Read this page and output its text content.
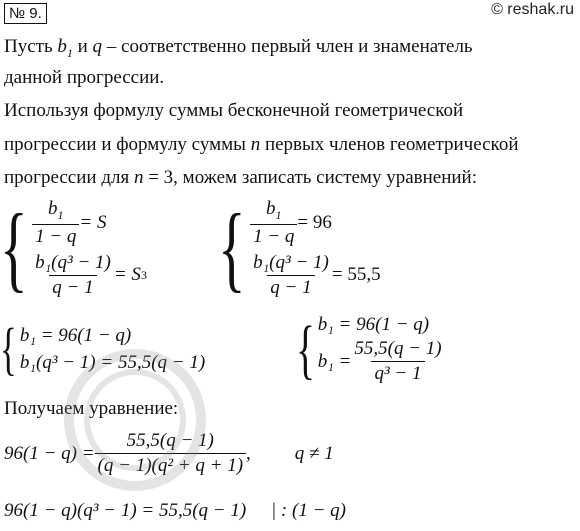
№ 9.	© reshak.ru
Пусть $b_1$ и q – соответственно первый член и знаменатель
данной прогрессии.
Используя формулу суммы бесконечной геометрической
прогрессии и формулу суммы n первых членов геометрической
прогрессии для n = 3, можем записать систему уравнений:
{ $\frac{b_1}{1 - q} = S$
$\frac{\text{b₁(q³ − 1)}}{q - 1} = S$ 3 { $\frac{b_1}{1 - q} = 96$
$\frac{\text{b₁(q³ − 1)}}{q - 1} = 55,5$
{ b₁ = 96(1 − q)
b₁(q³ − 1) = 55,5(q − 1) { b₁ = 96(1 − q)
$b_1 = \frac{55,5(q - 1)}{\text{q³ − 1}}$
Получаем уравнение:
$96(1 - q) = \frac{55,5(q - 1)}{\text{(q − 1)(q² + q + 1)}}$ , q ≠ 1
96(1 − q)(q³ − 1) = 55,5(q − 1) | : (1 − q)
